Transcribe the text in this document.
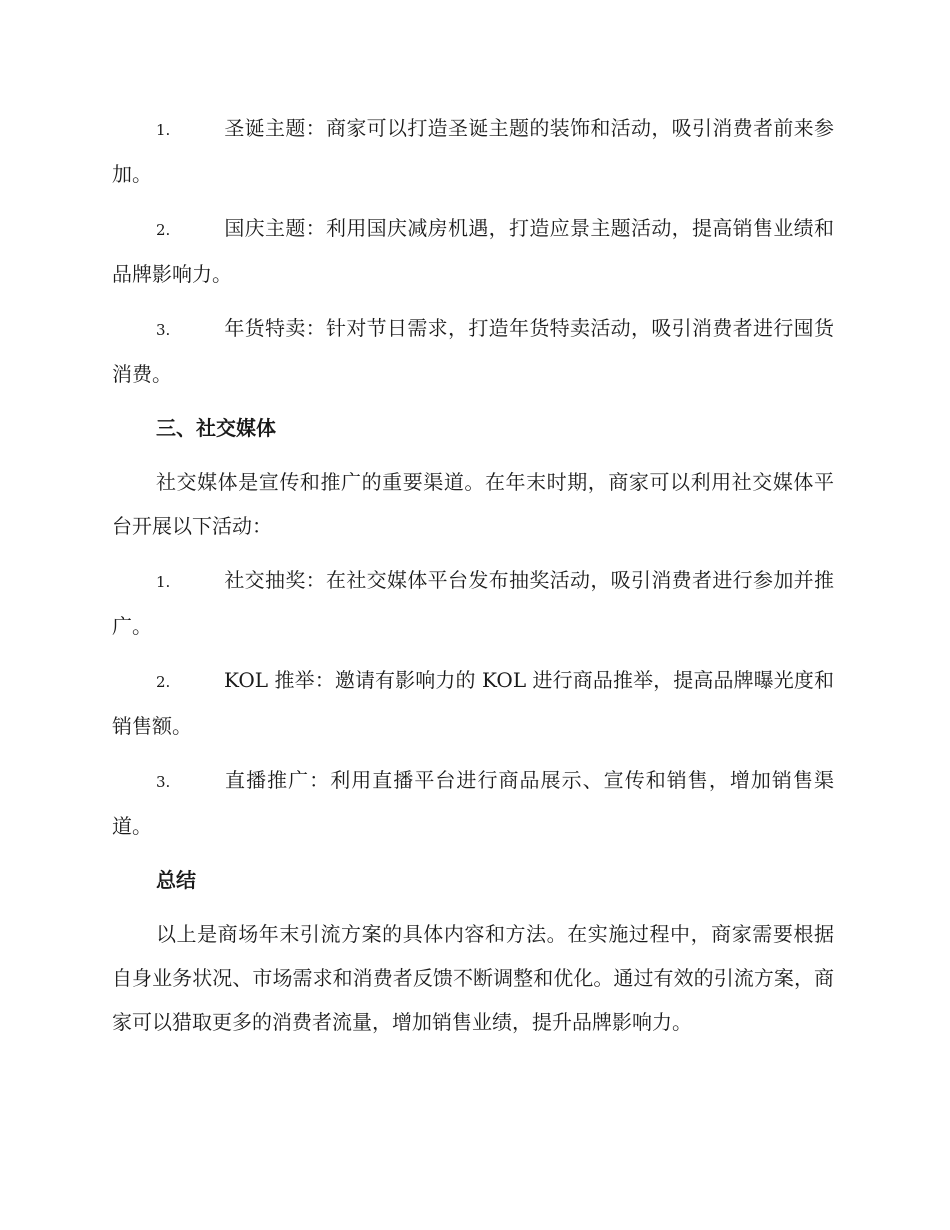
1.	圣诞主题：商家可以打造圣诞主题的装饰和活动，吸引消费者前来参加。

2.	国庆主题：利用国庆减房机遇，打造应景主题活动，提高销售业绩和品牌影响力。

3.	年货特卖：针对节日需求，打造年货特卖活动，吸引消费者进行囤货消费。

三、社交媒体

社交媒体是宣传和推广的重要渠道。在年末时期，商家可以利用社交媒体平台开展以下活动：

1.	社交抽奖：在社交媒体平台发布抽奖活动，吸引消费者进行参加并推广。

2.	KOL 推举：邀请有影响力的 KOL 进行商品推举，提高品牌曝光度和销售额。

3.	直播推广：利用直播平台进行商品展示、宣传和销售，增加销售渠道。

总结

以上是商场年末引流方案的具体内容和方法。在实施过程中，商家需要根据自身业务状况、市场需求和消费者反馈不断调整和优化。通过有效的引流方案，商家可以猎取更多的消费者流量，增加销售业绩，提升品牌影响力。
